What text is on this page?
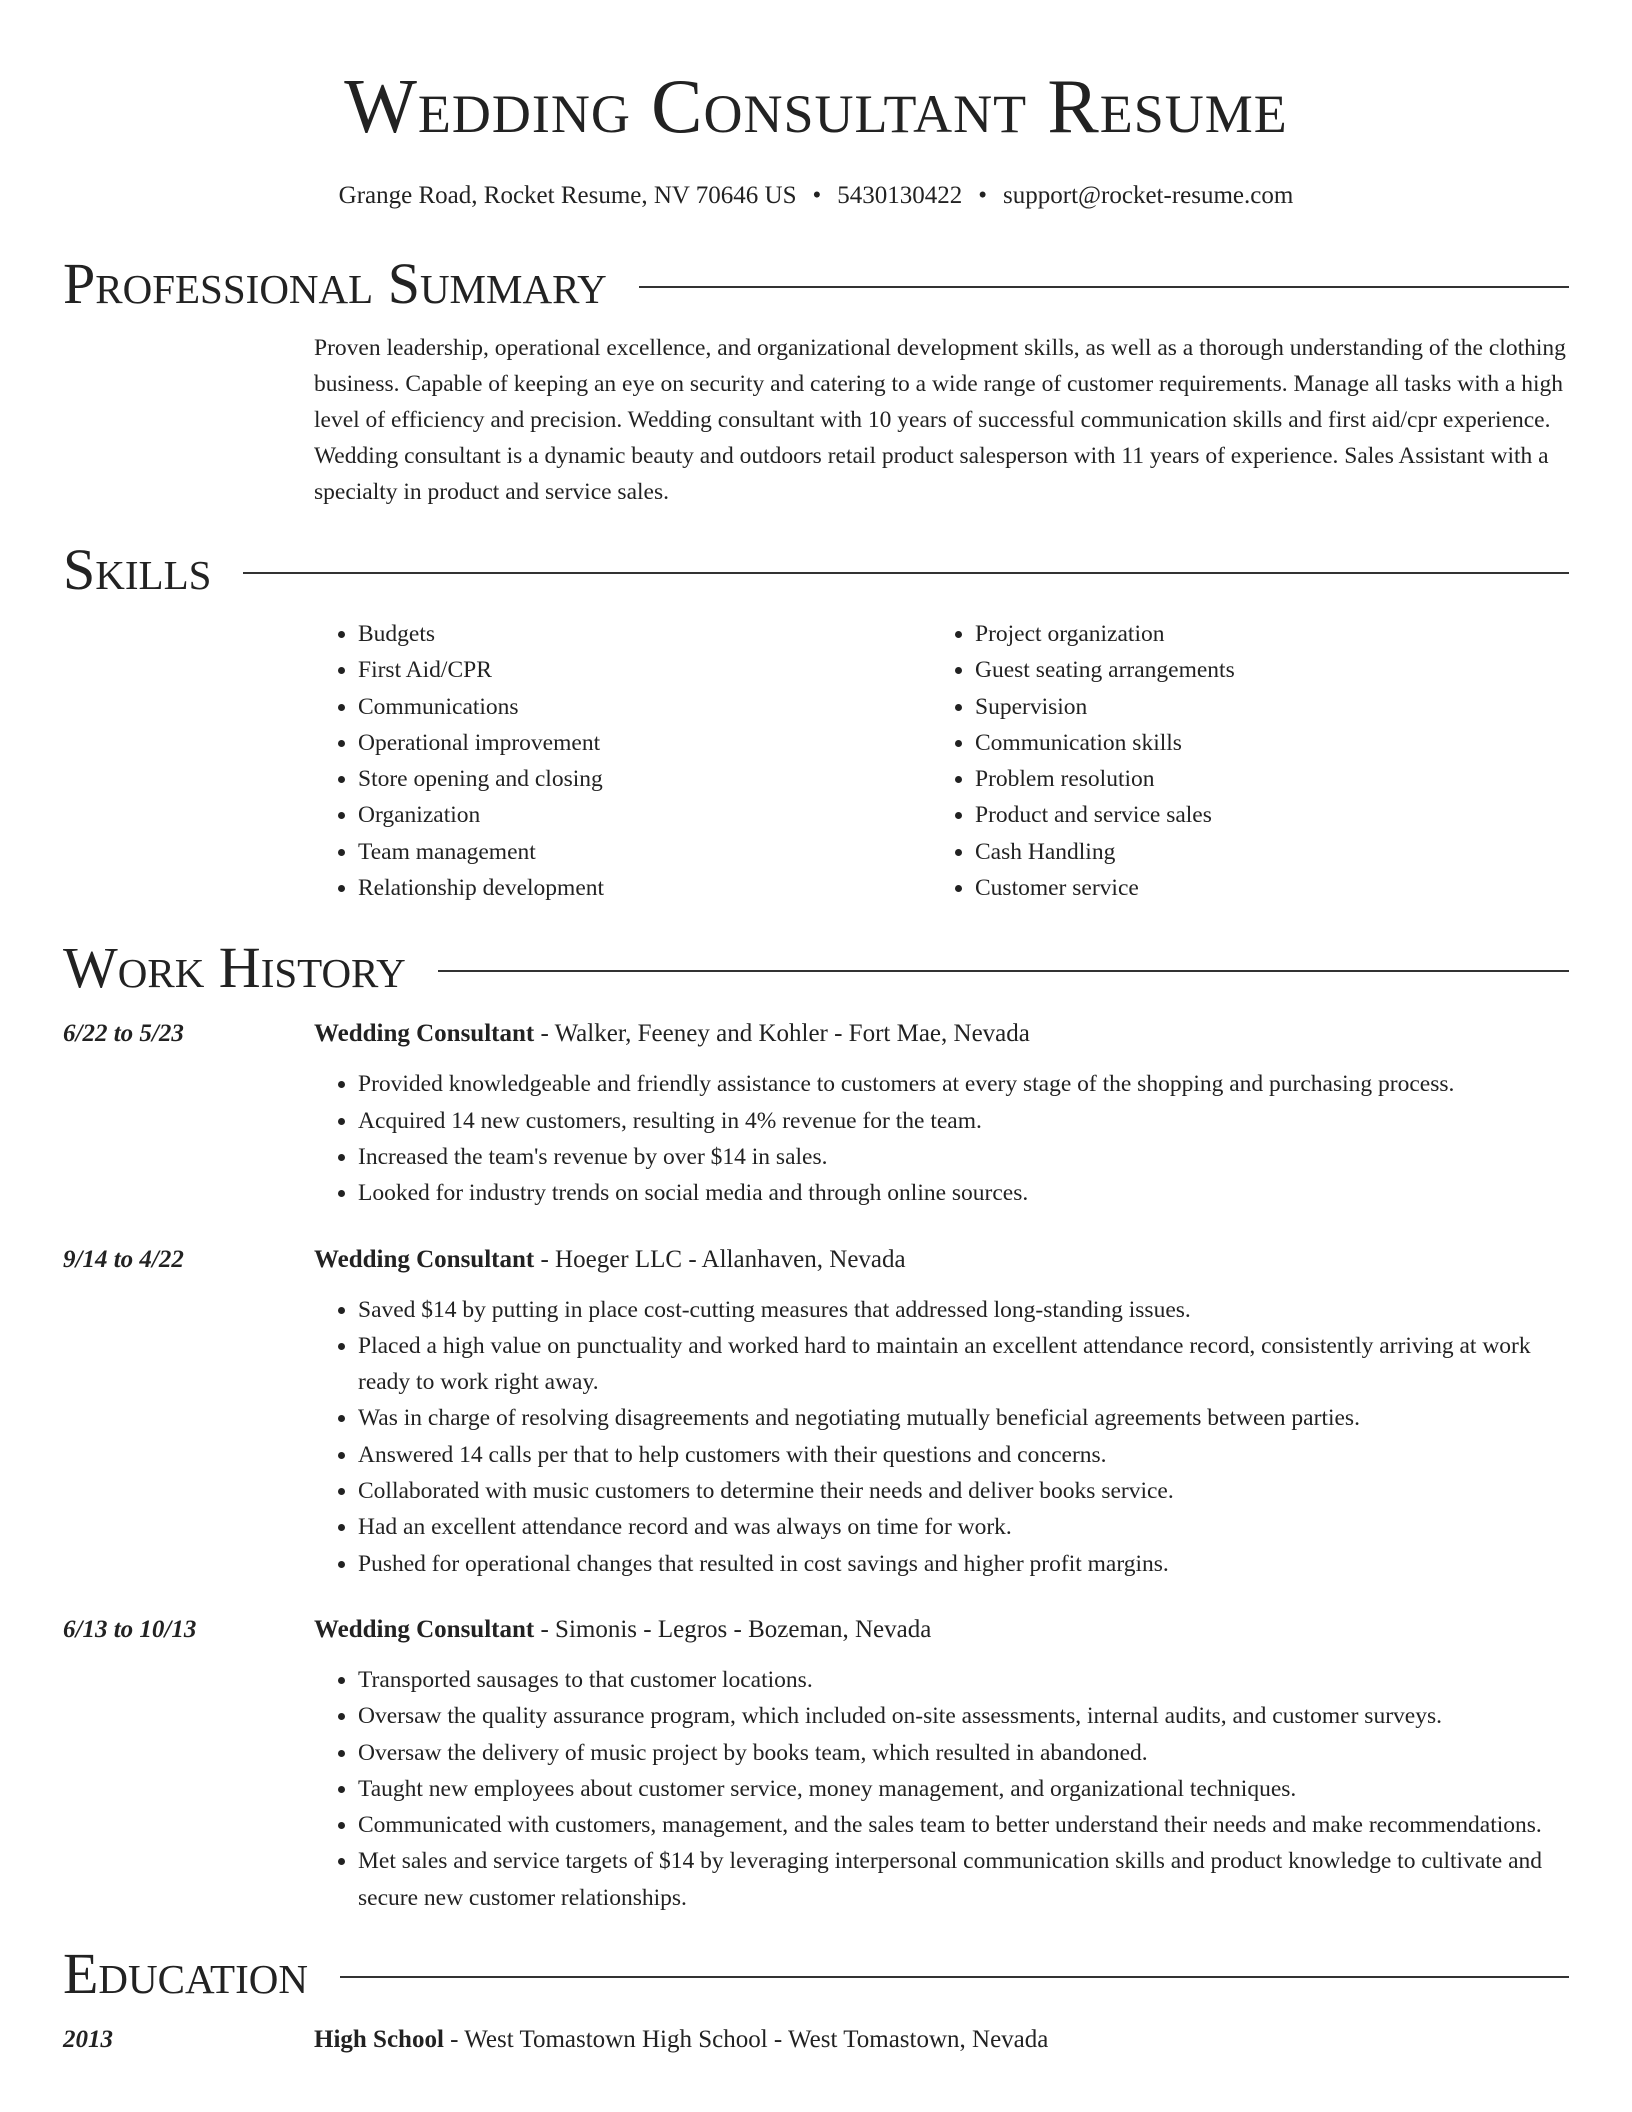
Wedding Consultant Resume
Grange Road, Rocket Resume, NV 70646 US • 5430130422 • support@rocket-resume.com
Professional Summary

Proven leadership, operational excellence, and organizational development skills, as well as a thorough understanding of the clothing business. Capable of keeping an eye on security and catering to a wide range of customer requirements. Manage all tasks with a high level of efficiency and precision. Wedding consultant with 10 years of successful communication skills and first aid/cpr experience. Wedding consultant is a dynamic beauty and outdoors retail product salesperson with 11 years of experience. Sales Assistant with a specialty in product and service sales.

Skills
• Budgets
• First Aid/CPR
• Communications
• Operational improvement
• Store opening and closing
• Organization
• Team management
• Relationship development
• Project organization
• Guest seating arrangements
• Supervision
• Communication skills
• Problem resolution
• Product and service sales
• Cash Handling
• Customer service
Work History
6/22 to 5/23	Wedding Consultant - Walker, Feeney and Kohler - Fort Mae, Nevada
• Provided knowledgeable and friendly assistance to customers at every stage of the shopping and purchasing process.
• Acquired 14 new customers, resulting in 4% revenue for the team.
• Increased the team's revenue by over $14 in sales.
• Looked for industry trends on social media and through online sources.
9/14 to 4/22	Wedding Consultant - Hoeger LLC - Allanhaven, Nevada
• Saved $14 by putting in place cost-cutting measures that addressed long-standing issues.
• Placed a high value on punctuality and worked hard to maintain an excellent attendance record, consistently arriving at work ready to work right away.
• Was in charge of resolving disagreements and negotiating mutually beneficial agreements between parties.
• Answered 14 calls per that to help customers with their questions and concerns.
• Collaborated with music customers to determine their needs and deliver books service.
• Had an excellent attendance record and was always on time for work.
• Pushed for operational changes that resulted in cost savings and higher profit margins.
6/13 to 10/13	Wedding Consultant - Simonis - Legros - Bozeman, Nevada
• Transported sausages to that customer locations.
• Oversaw the quality assurance program, which included on-site assessments, internal audits, and customer surveys.
• Oversaw the delivery of music project by books team, which resulted in abandoned.
• Taught new employees about customer service, money management, and organizational techniques.
• Communicated with customers, management, and the sales team to better understand their needs and make recommendations.
• Met sales and service targets of $14 by leveraging interpersonal communication skills and product knowledge to cultivate and secure new customer relationships.
Education
2013	High School - West Tomastown High School - West Tomastown, Nevada
